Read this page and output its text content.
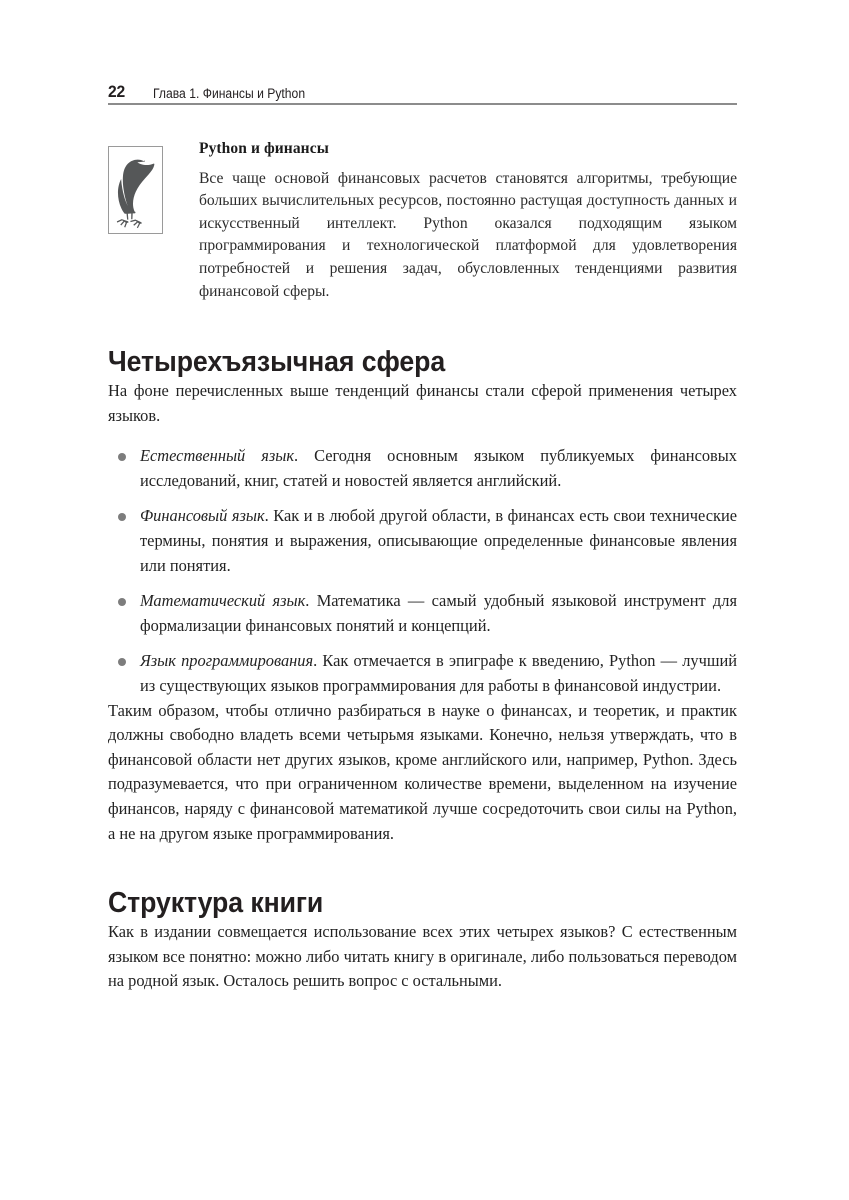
22 Глава 1. Финансы и Python
Python и финансы

Все чаще основой финансовых расчетов становятся алгоритмы, требующие больших вычислительных ресурсов, постоянно растущая доступность данных и искусственный интеллект. Python оказался подходящим языком программирования и технологической платформой для удовлетворения потребностей и решения задач, обусловленных тенденциями развития финансовой сферы.

Четырехъязычная сфера

На фоне перечисленных выше тенденций финансы стали сферой применения четырех языков.

Естественный язык. Сегодня основным языком публикуемых финансовых исследований, книг, статей и новостей является английский.
Финансовый язык. Как и в любой другой области, в финансах есть свои технические термины, понятия и выражения, описывающие определенные финансовые явления или понятия.
Математический язык. Математика — самый удобный языковой инструмент для формализации финансовых понятий и концепций.
Язык программирования. Как отмечается в эпиграфе к введению, Python — лучший из существующих языков программирования для работы в финансовой индустрии.

Таким образом, чтобы отлично разбираться в науке о финансах, и теоретик, и практик должны свободно владеть всеми четырьмя языками. Конечно, нельзя утверждать, что в финансовой области нет других языков, кроме английского или, например, Python. Здесь подразумевается, что при ограниченном количестве времени, выделенном на изучение финансов, наряду с финансовой математикой лучше сосредоточить свои силы на Python, а не на другом языке программирования.

Структура книги

Как в издании совмещается использование всех этих четырех языков? С естественным языком все понятно: можно либо читать книгу в оригинале, либо пользоваться переводом на родной язык. Осталось решить вопрос с остальными.
